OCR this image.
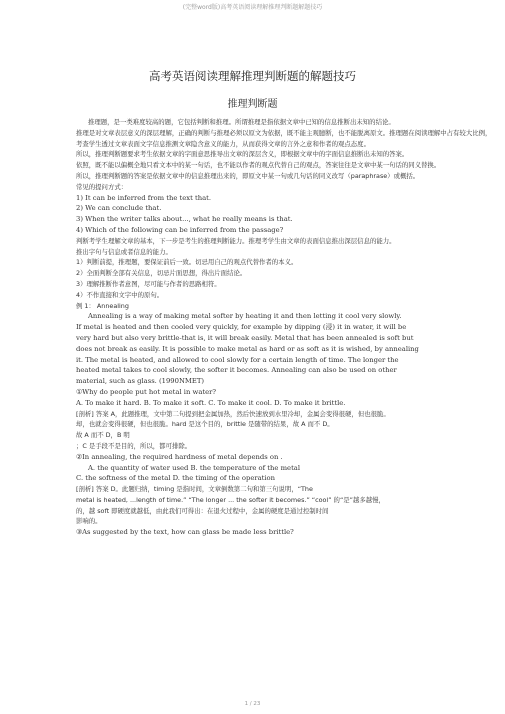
(完整word版)高考英语阅读理解推理判断题解题技巧
高考英语阅读理解推理判断题的解题技巧
推理判断题
推理题，是一类难度较高的题，它包括判断和推理。所谓推理是指依据文章中已知的信息推断出未知的结论。
推理是对文章表层意义的深层理解，正确的判断与推理必须以原文为依据，既不能主观臆断，也不能脱离原文。推理题在阅读理解中占有较大比例，
考查学生透过文章表面文字信息推测文章隐含意义的能力，从而获得文章的言外之意和作者的观点态度。
所以，推理判断题要求考生依据文章的字面意思推导出文章的深层含义，即根据文章中的字面信息推断出未知的答案。
依照，既不能以偏概全地只看文本中的某一句话，也不能以作者的观点代替自己的观点，答案往往是文章中某一句话的同义替换。
所以，推理判断题的答案是依据文章中的信息推理出来的，即原文中某一句或几句话的同义改写（paraphrase）或概括。
常见的提问方式：
1) It can be inferred from the text that.
2) We can conclude that.
3) When the writer talks about..., what he really means is that.
4) Which of the following can be inferred from the passage?
判断考学生理解文章的基本，下一步是考生的推理判断能力。推理考学生由文章的表面信息推出深层信息的能力。
推出字句与信息或者信息的能力。
1）判断前提，推理题，要保证前后一致。切忌用自己的观点代替作者的本义。
2）全面判断全部有关信息，切忌片面思想，得出片面结论。
3）理解推断作者意图，尽可能与作者的思路相符。
4）不作直接和文字中的原句。
例 1： Annealing
Annealing is a way of making metal softer by heating it and then letting it cool very slowly.
If metal is heated and then cooled very quickly, for example by dipping (浸) it in water, it will be
very hard but also very brittle-that is, it will break easily. Metal that has been annealed is soft but
does not break as easily. It is possible to make metal as hard or as soft as it is wished, by annealing
it. The metal is heated, and allowed to cool slowly for a certain length of time. The longer the
heated metal takes to cool slowly, the softer it becomes. Annealing can also be used on other
material, such as glass. (1990NMET)
①Why do people put hot metal in water?
A. To make it hard. B. To make it soft. C. To make it cool. D. To make it brittle.
[剖析] 答案 A，此题推理，文中第二句提到把金属加热，然后快速放到水里冷却，金属会变得很硬，但也很脆。
却，也就会变得很硬，但也很脆。hard 是这个目的，brittle 是随带的结果，故 A 而不 D。
故 A 而不 D，B 明
；C 是手段不是目的，所以，都可排除。
②In annealing, the required hardness of metal depends on .
A. the quantity of water used B. the temperature of the metal
C. the softness of the metal D. the timing of the operation
[剖析] 答案 D。此题归纳，timing 是指时间，文章倒数第二句和第三句说明，“The
metal is heated, ...length of time.” “The longer ... the softer it becomes.” “cool” 的“是”越多越慢，
的，越 soft 即硬度就越低，由此我们可得出：在退火过程中，金属的硬度是通过控制时间
影响的。
③As suggested by the text, how can glass be made less brittle?
1 / 23
